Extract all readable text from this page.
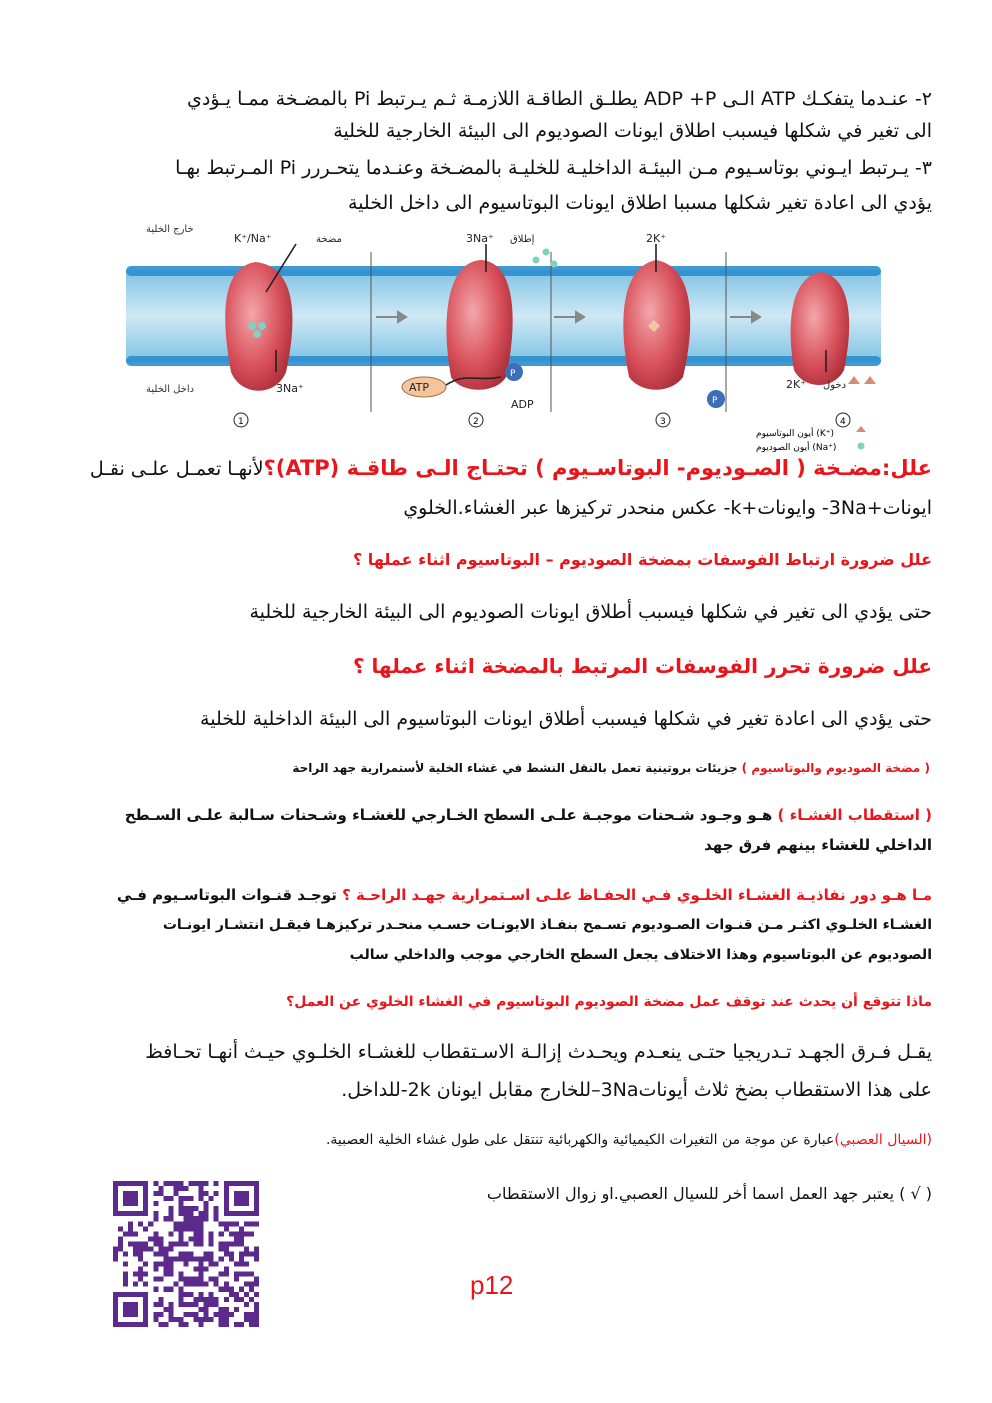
٢- عنـدما يتفكـك ATP الـى ADP +P يطلـق الطاقـة اللازمـة ثـم يـرتبط Pi بالمضـخة ممـا يـؤدي
الى تغير في شكلها فيسبب اطلاق ايونات الصوديوم الى البيئة الخارجية للخلية
٣- يـرتبط ايـوني بوتاسـيوم مـن البيئـة الداخليـة للخليـة بالمضـخة وعنـدما يتحـررر Pi المـرتبط بهـا
يؤدي الى اعادة تغير شكلها مسببا اطلاق ايونات البوتاسيوم الى داخل الخلية
خارج الخلية
داخل الخلية
مضخة
K⁺/Na⁺
3Na⁺
3Na⁺ إطلاق	2K⁺
ATP
ADP
P
P
2K⁺ دخول
1	2	3	4
أيون البوتاسيوم (K⁺)
أيون الصوديوم (Na⁺)
علل:مضـخة ( الصـوديوم- البوتاسـيوم ) تحتـاج الـى طاقـة (ATP)؟لأنهـا تعمـل علـى نقـل
ايونات+3Na- وايونات+k- عكس منحدر تركيزها عبر الغشاء.الخلوي
علل ضرورة ارتباط الفوسفات بمضخة الصوديوم – البوتاسيوم اثناء عملها ؟
حتى يؤدي الى تغير في شكلها فيسبب أطلاق ايونات الصوديوم الى البيئة الخارجية للخلية
علل ضرورة تحرر الفوسفات المرتبط بالمضخة اثناء عملها ؟
حتى يؤدي الى اعادة تغير في شكلها فيسبب أطلاق ايونات البوتاسيوم الى البيئة الداخلية للخلية
( مضخة الصوديوم والبوتاسيوم ) جزيئات بروتينية تعمل بالنقل النشط في غشاء الخلية لأستمرارية جهد الراحة
( استقطاب الغشـاء ) هـو وجـود شـحنات موجبـة علـى السطح الخـارجي للغشـاء وشـحنات سـالبة علـى السـطح
الداخلي للغشاء بينهم فرق جهد
مـا هـو دور نفاذيـة الغشـاء الخلـوي فـي الحفـاظ علـى اسـتمرارية جهـد الراحـة ؟ توجـد قنـوات البوتاسـيوم فـي
الغشـاء الخلـوي اكثـر مـن قنـوات الصـوديوم تسـمح بنفـاذ الايونـات حسـب منحـدر تركيزهـا فيقـل انتشـار ايونـات
الصوديوم عن البوتاسيوم وهذا الاختلاف يجعل السطح الخارجي موجب والداخلي سالب
ماذا تتوقع أن يحدث عند توقف عمل مضخة الصوديوم البوتاسيوم في الغشاء الخلوي عن العمل؟
يقـل فـرق الجهـد تـدريجيا حتـى ينعـدم ويحـدث إزالـة الاسـتقطاب للغشـاء الخلـوي حيـث أنهـا تحـافظ
على هذا الاستقطاب بضخ ثلاث أيونات3Na–للخارج مقابل ايونان 2k-للداخل.
(السيال العصبي)عبارة عن موجة من التغيرات الكيميائية والكهربائية تنتقل على طول غشاء الخلية العصبية.
( √ ) يعتبر جهد العمل اسما أخر للسيال العصبي.او زوال الاستقطاب
p12
